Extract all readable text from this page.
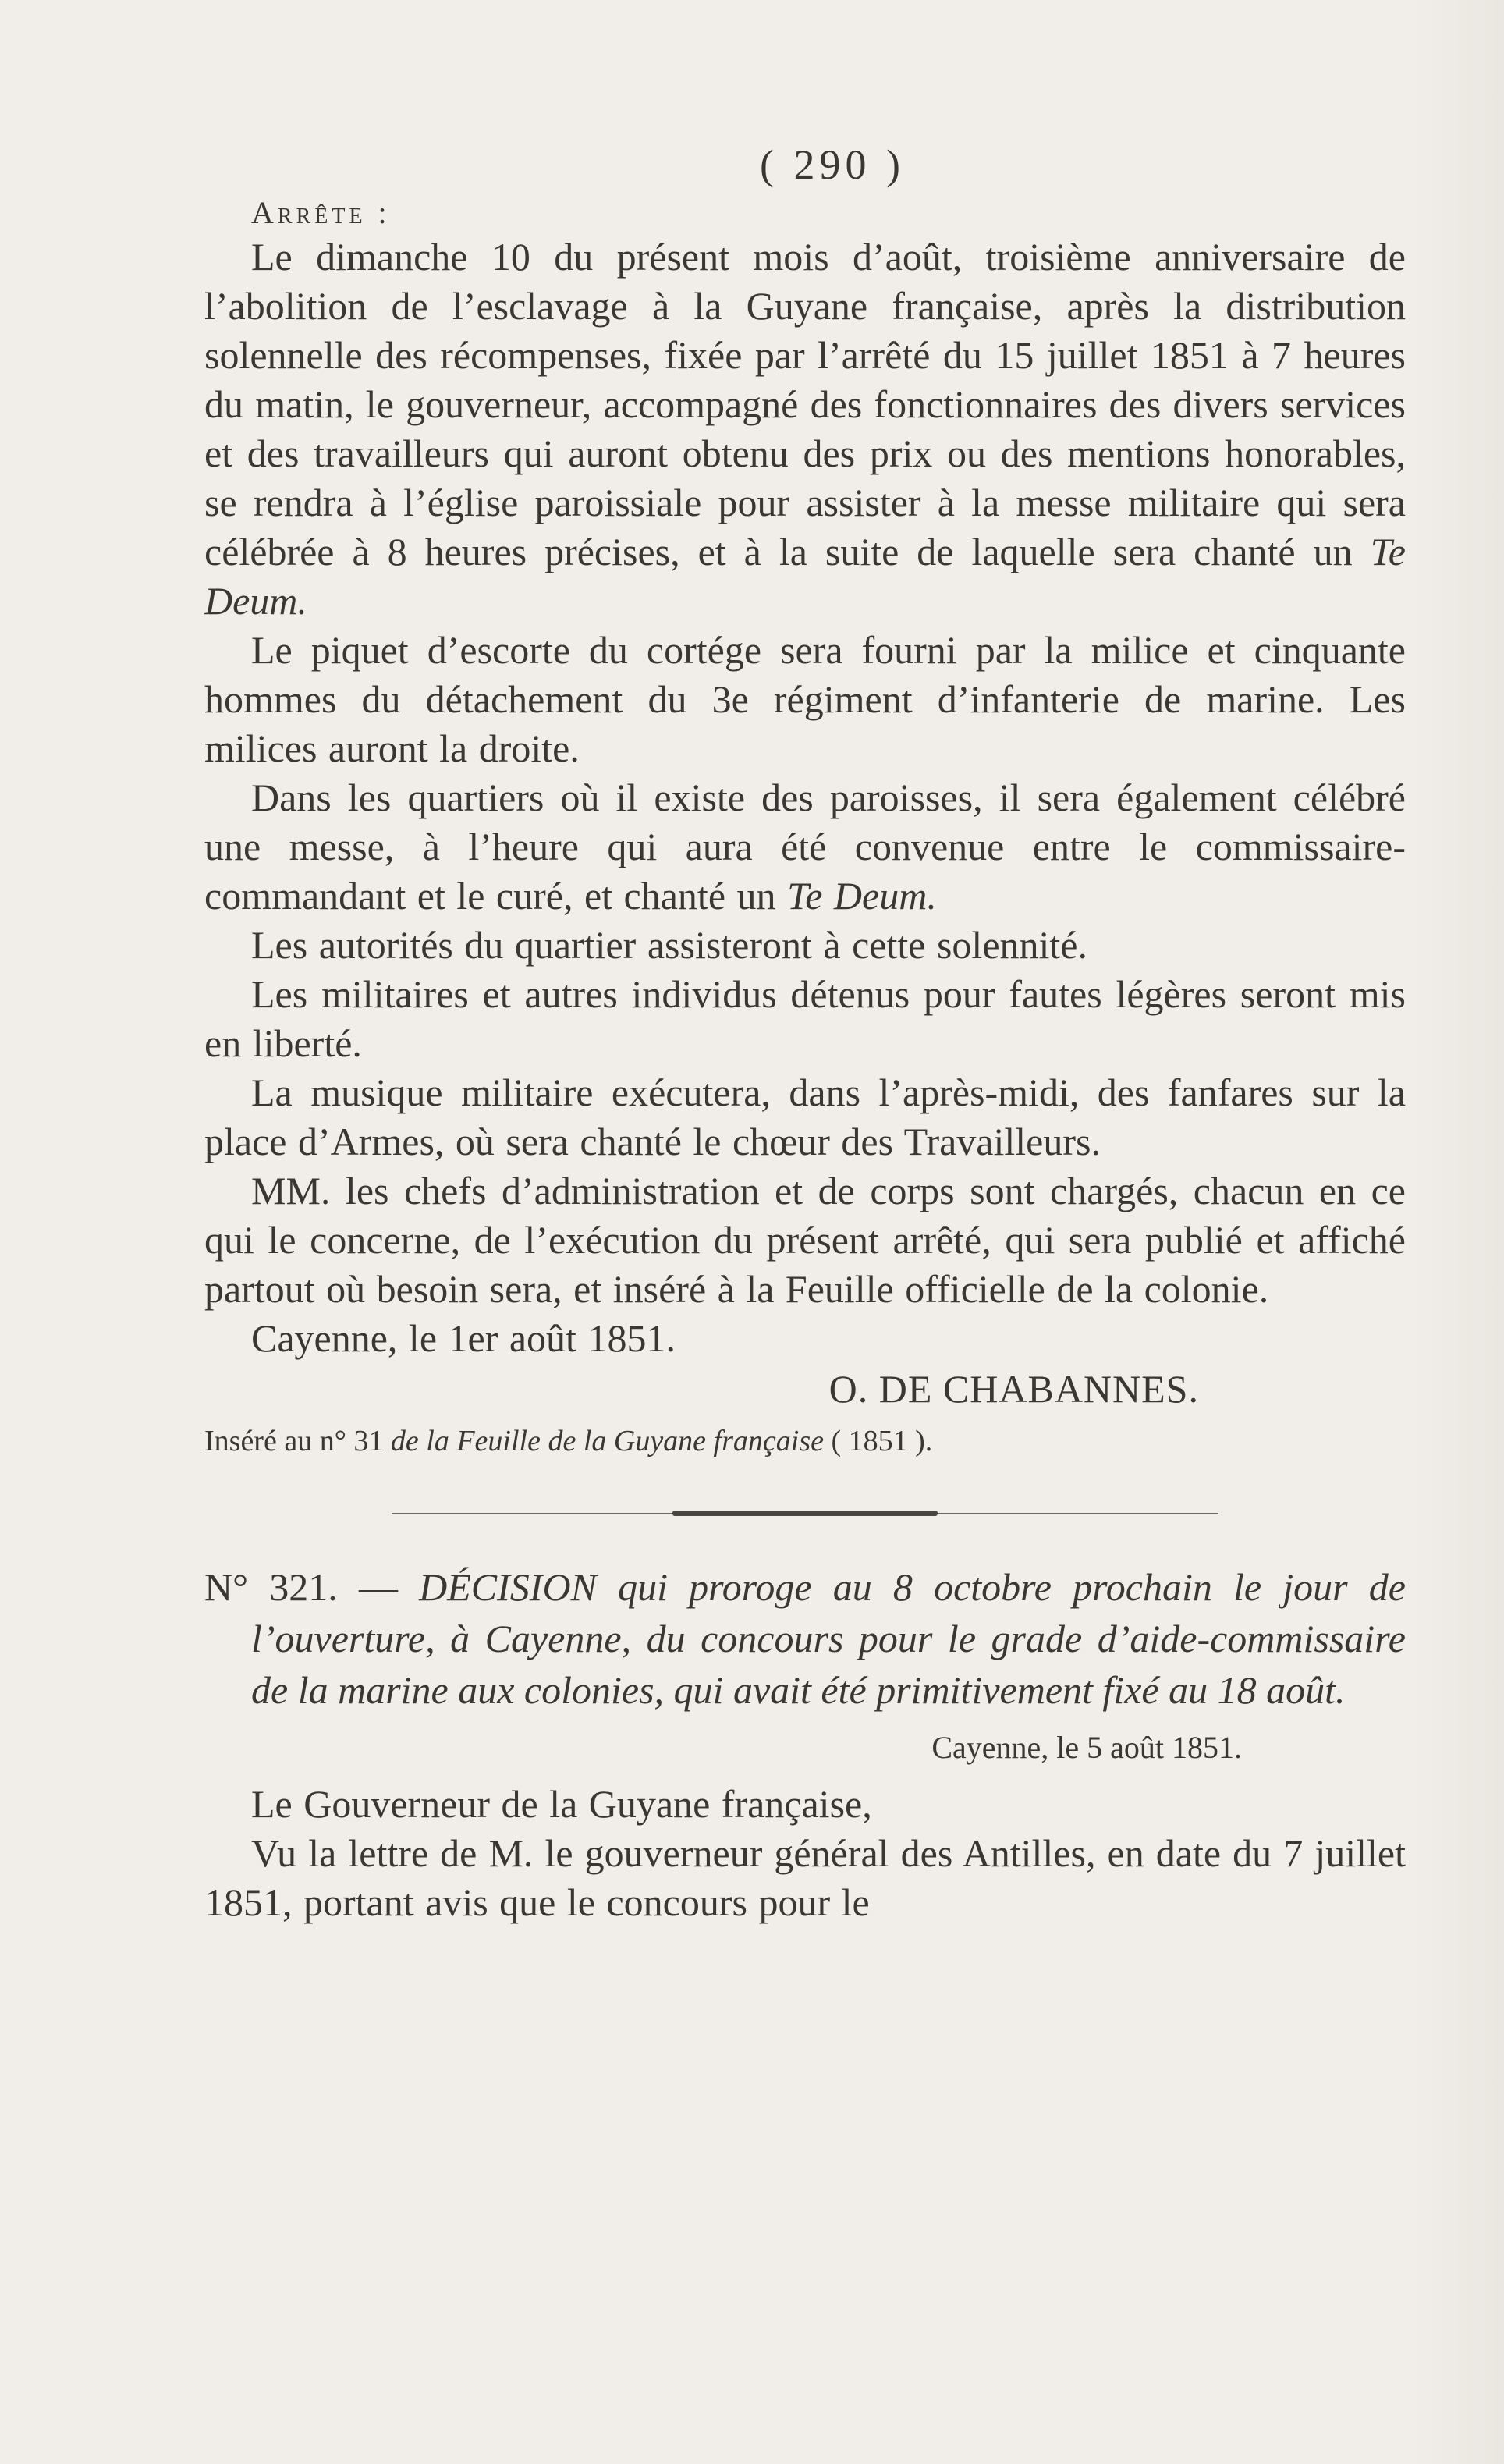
( 290 )
Arrête :

Le dimanche 10 du présent mois d’août, troisième anniversaire de l’abolition de l’esclavage à la Guyane française, après la distribution solennelle des récompenses, fixée par l’arrêté du 15 juillet 1851 à 7 heures du matin, le gouverneur, accompagné des fonctionnaires des divers services et des travailleurs qui auront obtenu des prix ou des mentions honorables, se rendra à l’église paroissiale pour assister à la messe militaire qui sera célébrée à 8 heures précises, et à la suite de laquelle sera chanté un Te Deum.

Le piquet d’escorte du cortége sera fourni par la milice et cinquante hommes du détachement du 3e régiment d’infanterie de marine. Les milices auront la droite.

Dans les quartiers où il existe des paroisses, il sera également célébré une messe, à l’heure qui aura été convenue entre le commissaire-commandant et le curé, et chanté un Te Deum.

Les autorités du quartier assisteront à cette solennité.

Les militaires et autres individus détenus pour fautes légères seront mis en liberté.

La musique militaire exécutera, dans l’après-midi, des fanfares sur la place d’Armes, où sera chanté le chœur des Travailleurs.

MM. les chefs d’administration et de corps sont chargés, chacun en ce qui le concerne, de l’exécution du présent arrêté, qui sera publié et affiché partout où besoin sera, et inséré à la Feuille officielle de la colonie.

Cayenne, le 1er août 1851.

O. DE CHABANNES.
Inséré au n° 31 de la Feuille de la Guyane française ( 1851 ).
N° 321. — DÉCISION qui proroge au 8 octobre prochain le jour de l’ouverture, à Cayenne, du concours pour le grade d’aide-commissaire de la marine aux colonies, qui avait été primitivement fixé au 18 août.
Cayenne, le 5 août 1851.

Le Gouverneur de la Guyane française,

Vu la lettre de M. le gouverneur général des Antilles, en date du 7 juillet 1851, portant avis que le concours pour le
